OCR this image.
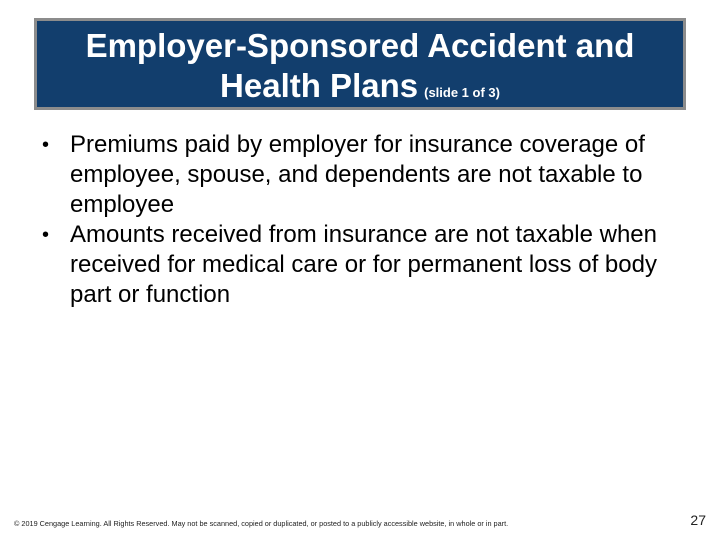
Employer-Sponsored Accident and
Health Plans (slide 1 of 3)
• Premiums paid by employer for insurance coverage of employee, spouse, and dependents are not taxable to employee
• Amounts received from insurance are not taxable when received for medical care or for permanent loss of body part or function
© 2019 Cengage Learning. All Rights Reserved. May not be scanned, copied or duplicated, or posted to a publicly accessible website, in whole or in part.	27
